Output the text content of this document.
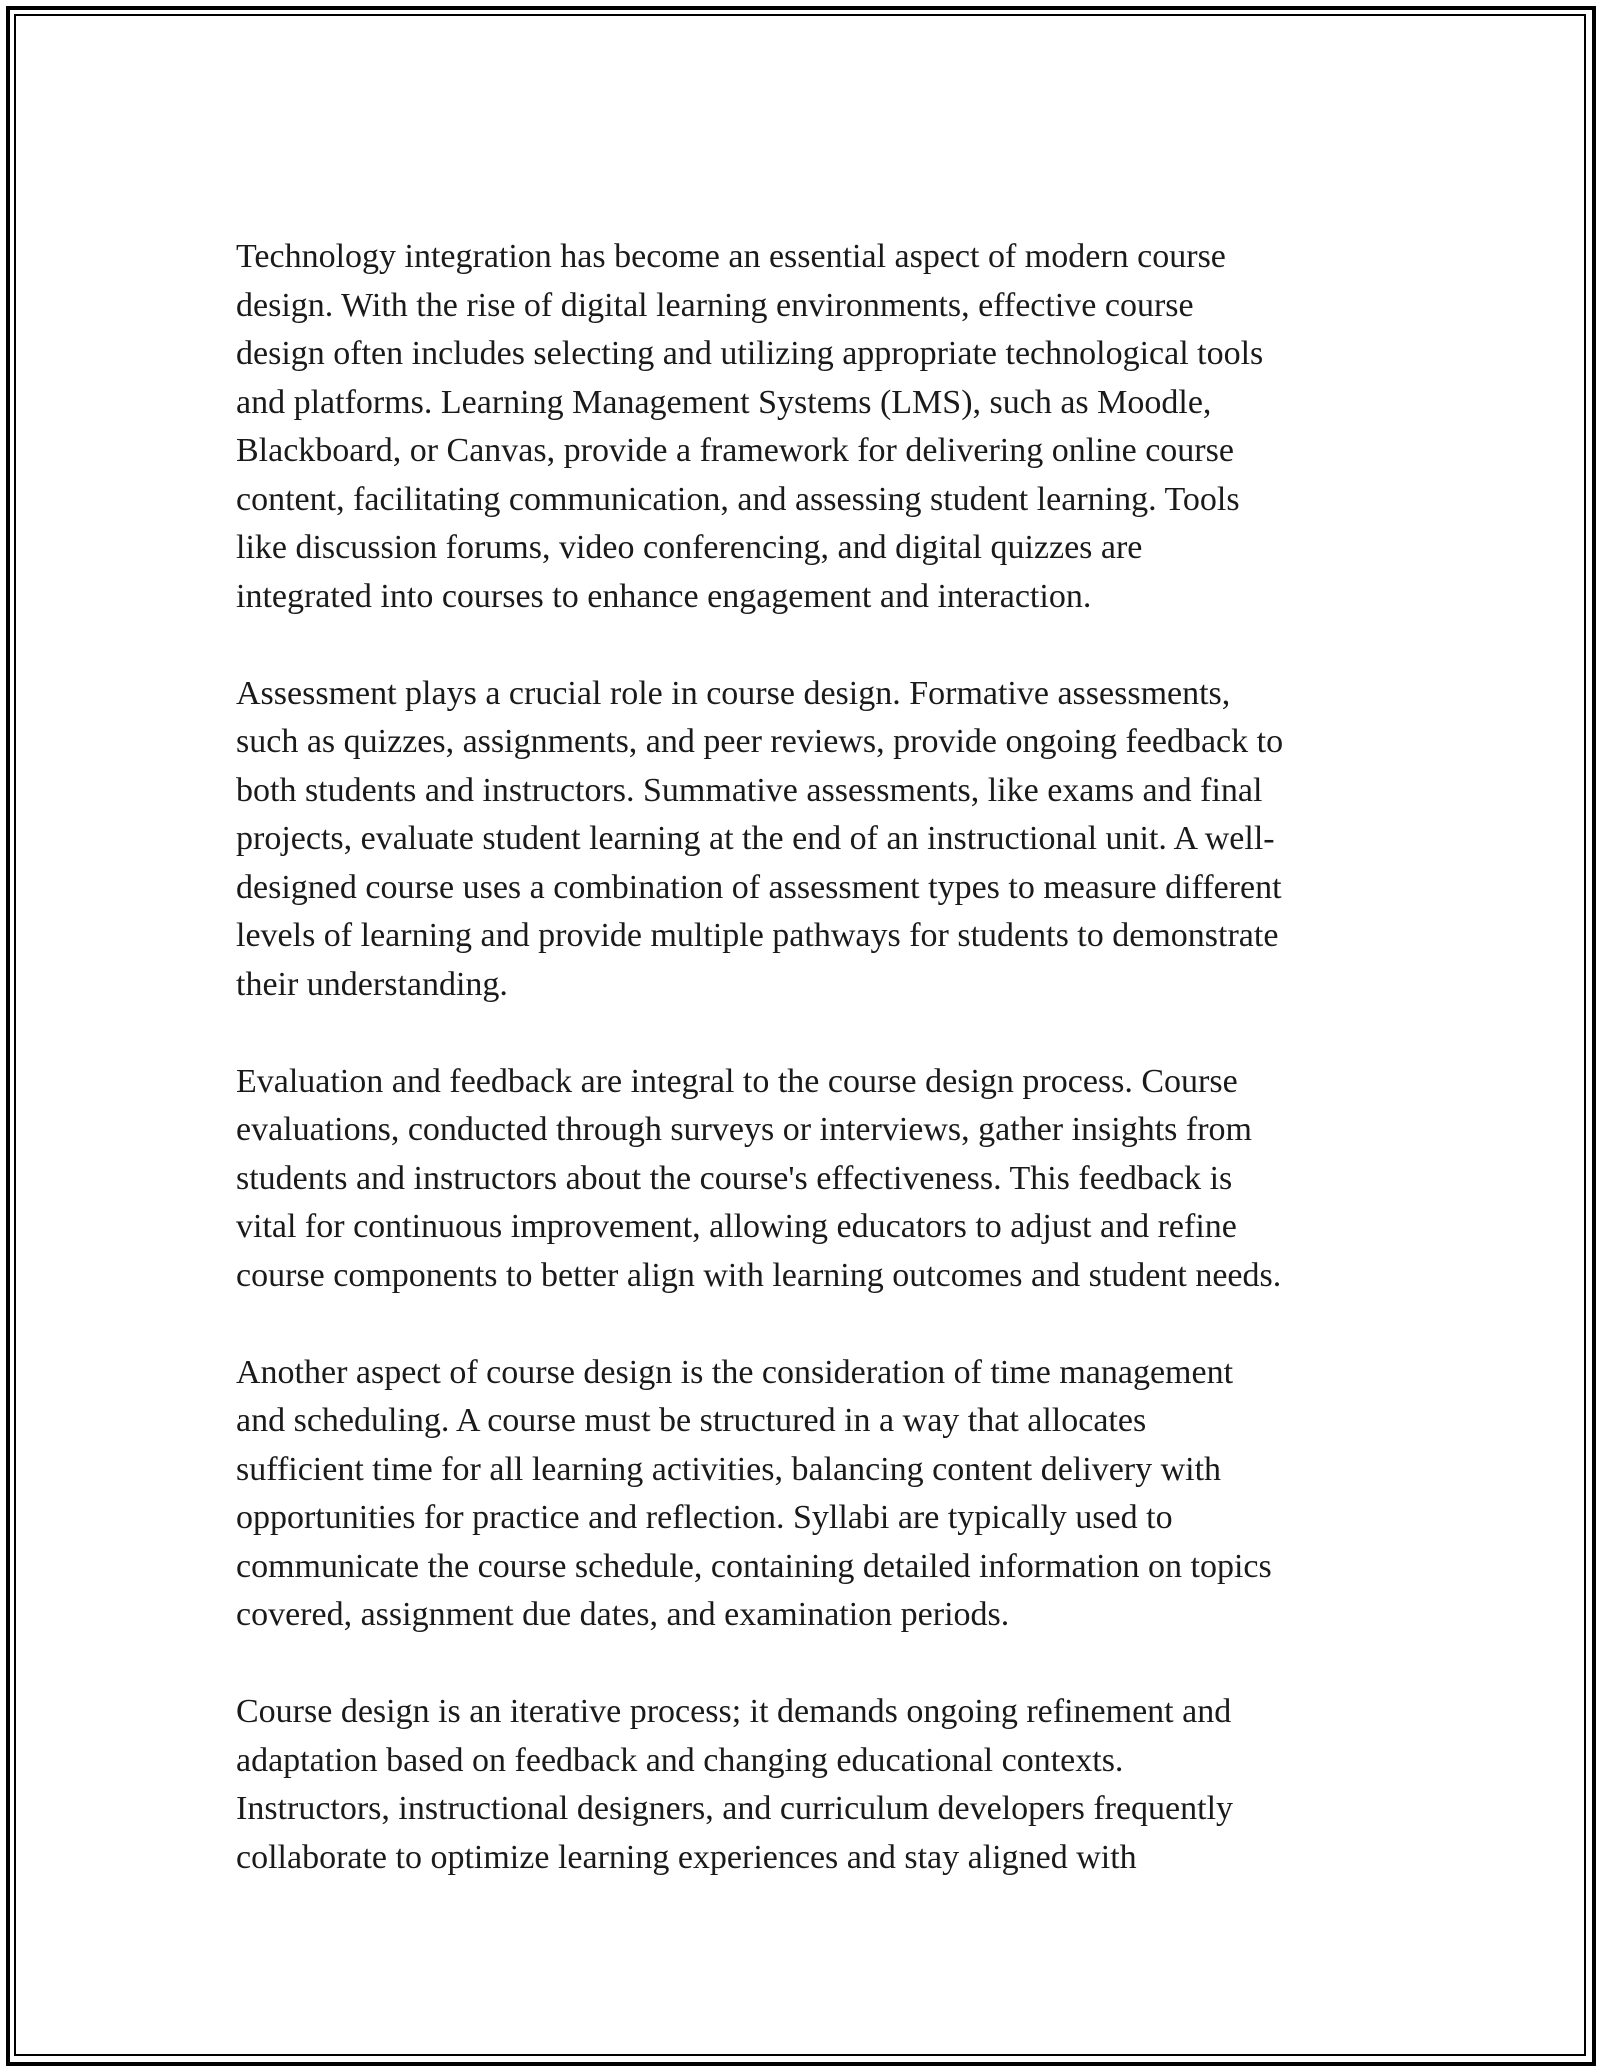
Technology integration has become an essential aspect of modern course
design. With the rise of digital learning environments, effective course
design often includes selecting and utilizing appropriate technological tools
and platforms. Learning Management Systems (LMS), such as Moodle,
Blackboard, or Canvas, provide a framework for delivering online course
content, facilitating communication, and assessing student learning. Tools
like discussion forums, video conferencing, and digital quizzes are
integrated into courses to enhance engagement and interaction.

Assessment plays a crucial role in course design. Formative assessments,
such as quizzes, assignments, and peer reviews, provide ongoing feedback to
both students and instructors. Summative assessments, like exams and final
projects, evaluate student learning at the end of an instructional unit. A well-
designed course uses a combination of assessment types to measure different
levels of learning and provide multiple pathways for students to demonstrate
their understanding.

Evaluation and feedback are integral to the course design process. Course
evaluations, conducted through surveys or interviews, gather insights from
students and instructors about the course's effectiveness. This feedback is
vital for continuous improvement, allowing educators to adjust and refine
course components to better align with learning outcomes and student needs.

Another aspect of course design is the consideration of time management
and scheduling. A course must be structured in a way that allocates
sufficient time for all learning activities, balancing content delivery with
opportunities for practice and reflection. Syllabi are typically used to
communicate the course schedule, containing detailed information on topics
covered, assignment due dates, and examination periods.

Course design is an iterative process; it demands ongoing refinement and
adaptation based on feedback and changing educational contexts.
Instructors, instructional designers, and curriculum developers frequently
collaborate to optimize learning experiences and stay aligned with
